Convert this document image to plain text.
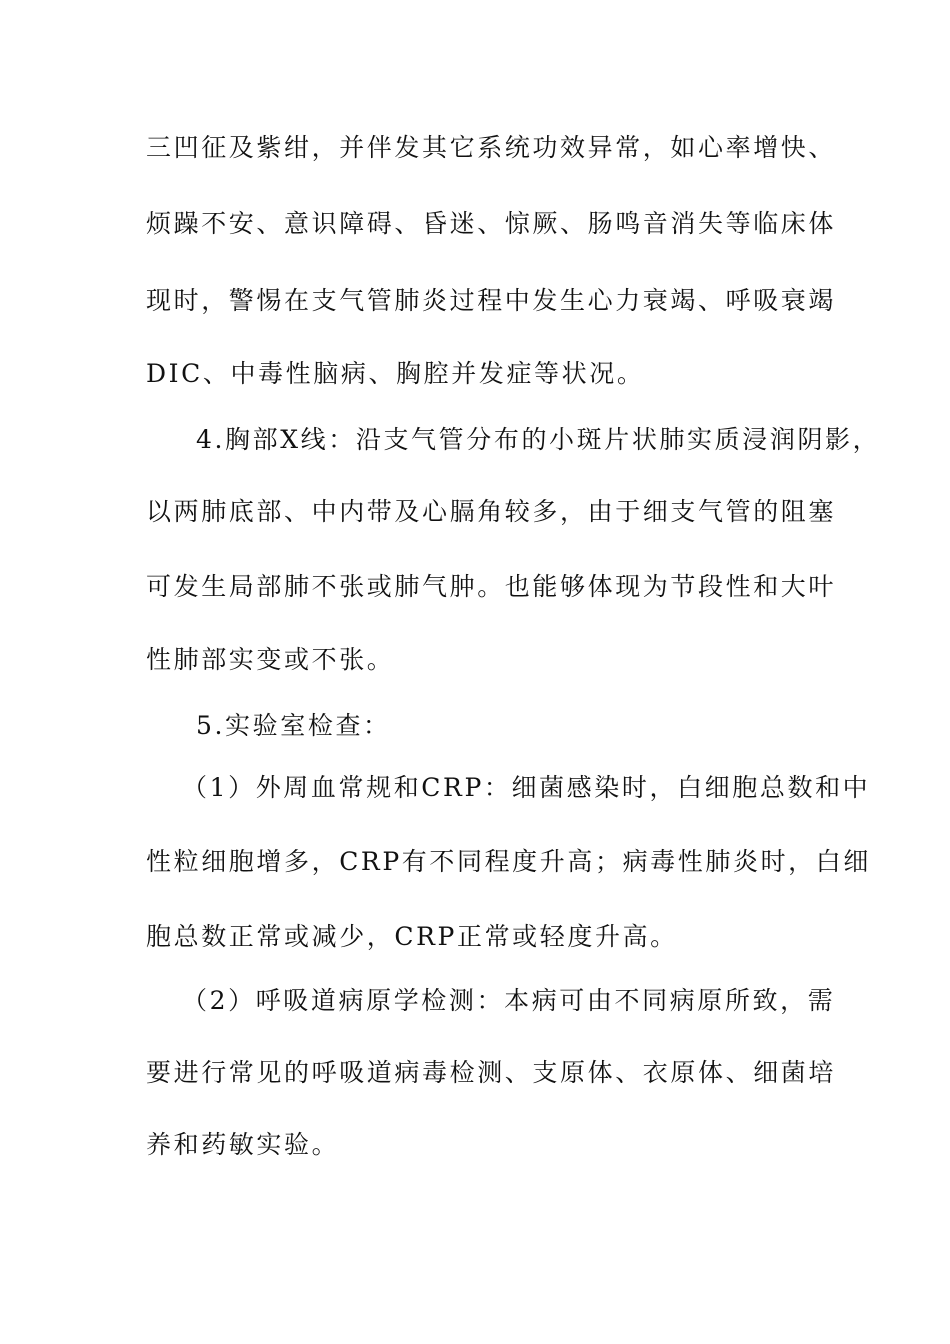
三凹征及紫绀，并伴发其它系统功效异常，如心率增快、
烦躁不安、意识障碍、昏迷、惊厥、肠鸣音消失等临床体
现时，警惕在支气管肺炎过程中发生心力衰竭、呼吸衰竭
DIC、中毒性脑病、胸腔并发症等状况。
4.胸部X线：沿支气管分布的小斑片状肺实质浸润阴影，
以两肺底部、中内带及心膈角较多，由于细支气管的阻塞
可发生局部肺不张或肺气肿。也能够体现为节段性和大叶
性肺部实变或不张。
5.实验室检查：
（1）外周血常规和CRP：细菌感染时，白细胞总数和中
性粒细胞增多，CRP有不同程度升高；病毒性肺炎时，白细
胞总数正常或减少，CRP正常或轻度升高。
（2）呼吸道病原学检测：本病可由不同病原所致，需
要进行常见的呼吸道病毒检测、支原体、衣原体、细菌培
养和药敏实验。
